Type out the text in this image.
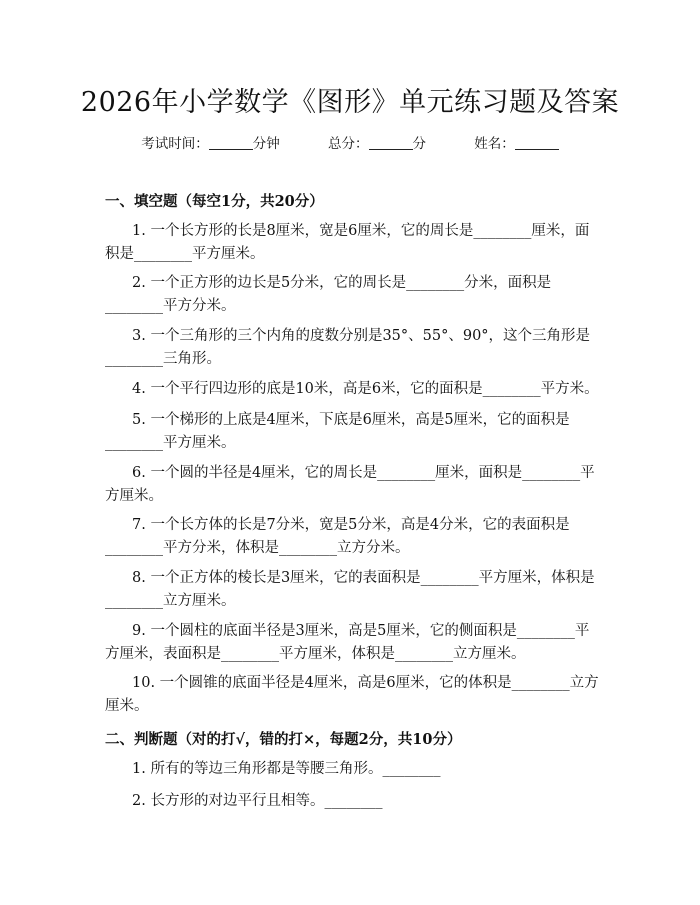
2026年小学数学《图形》单元练习题及答案
考试时间：	分钟	总分：	分	姓名：
一、填空题（每空1分，共20分）
1. 一个长方形的长是8厘米，宽是6厘米，它的周长是________厘米，面积是________平方厘米。
2. 一个正方形的边长是5分米，它的周长是________分米，面积是________平方分米。
3. 一个三角形的三个内角的度数分别是35°、55°、90°，这个三角形是________三角形。
4. 一个平行四边形的底是10米，高是6米，它的面积是________平方米。
5. 一个梯形的上底是4厘米，下底是6厘米，高是5厘米，它的面积是________平方厘米。
6. 一个圆的半径是4厘米，它的周长是________厘米，面积是________平方厘米。
7. 一个长方体的长是7分米，宽是5分米，高是4分米，它的表面积是________平方分米，体积是________立方分米。
8. 一个正方体的棱长是3厘米，它的表面积是________平方厘米，体积是________立方厘米。
9. 一个圆柱的底面半径是3厘米，高是5厘米，它的侧面积是________平方厘米，表面积是________平方厘米，体积是________立方厘米。
10. 一个圆锥的底面半径是4厘米，高是6厘米，它的体积是________立方厘米。
二、判断题（对的打√，错的打×，每题2分，共10分）
1. 所有的等边三角形都是等腰三角形。________
2. 长方形的对边平行且相等。________
